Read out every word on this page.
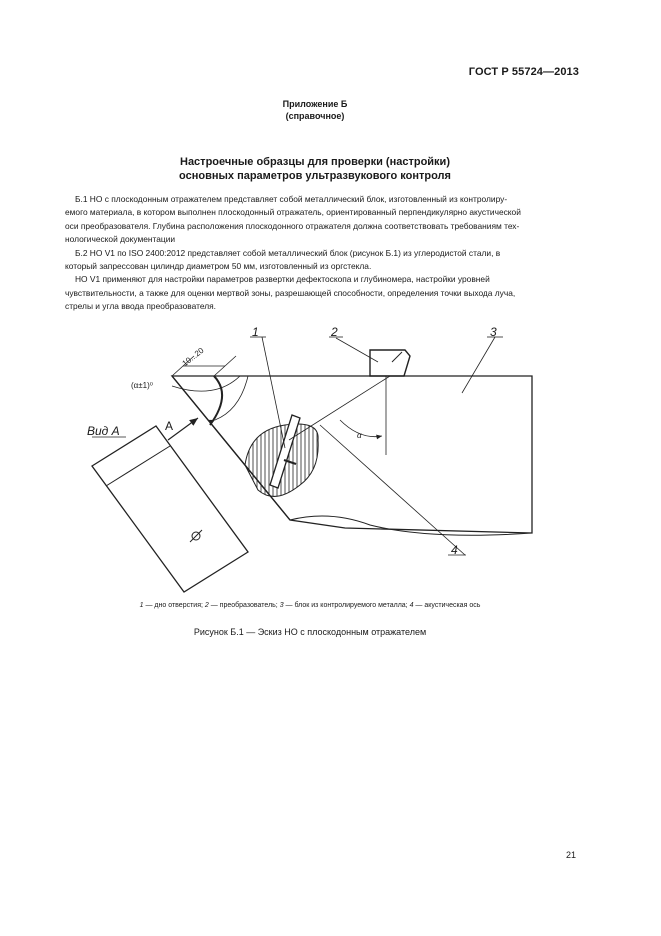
ГОСТ Р 55724—2013
Приложение Б
(справочное)
Настроечные образцы для проверки (настройки)
основных параметров ультразвукового контроля
Б.1 НО с плоскодонным отражателем представляет собой металлический блок, изготовленный из контролиру-
емого материала, в котором выполнен плоскодонный отражатель, ориентированный перпендикулярно акустической
оси преобразователя. Глубина расположения плоскодонного отражателя должна соответствовать требованиям тех-
нологической документации
Б.2 НО V1 по ISO 2400:2012 представляет собой металлический блок (рисунок Б.1) из углеродистой стали, в
который запрессован цилиндр диаметром 50 мм, изготовленный из оргстекла.
НО V1 применяют для настройки параметров развертки дефектоскопа и глубиномера, настройки уровней
чувствительности, а также для оценки мертвой зоны, разрешающей способности, определения точки выхода луча,
стрелы и угла ввода преобразователя.
1	2	3
4
Вид А	A
10...20
(α±1)⁰
α
1 — дно отверстия; 2 — преобразователь; 3 — блок из контролируемого металла; 4 — акустическая ось
Рисунок Б.1 — Эскиз НО с плоскодонным отражателем
21
